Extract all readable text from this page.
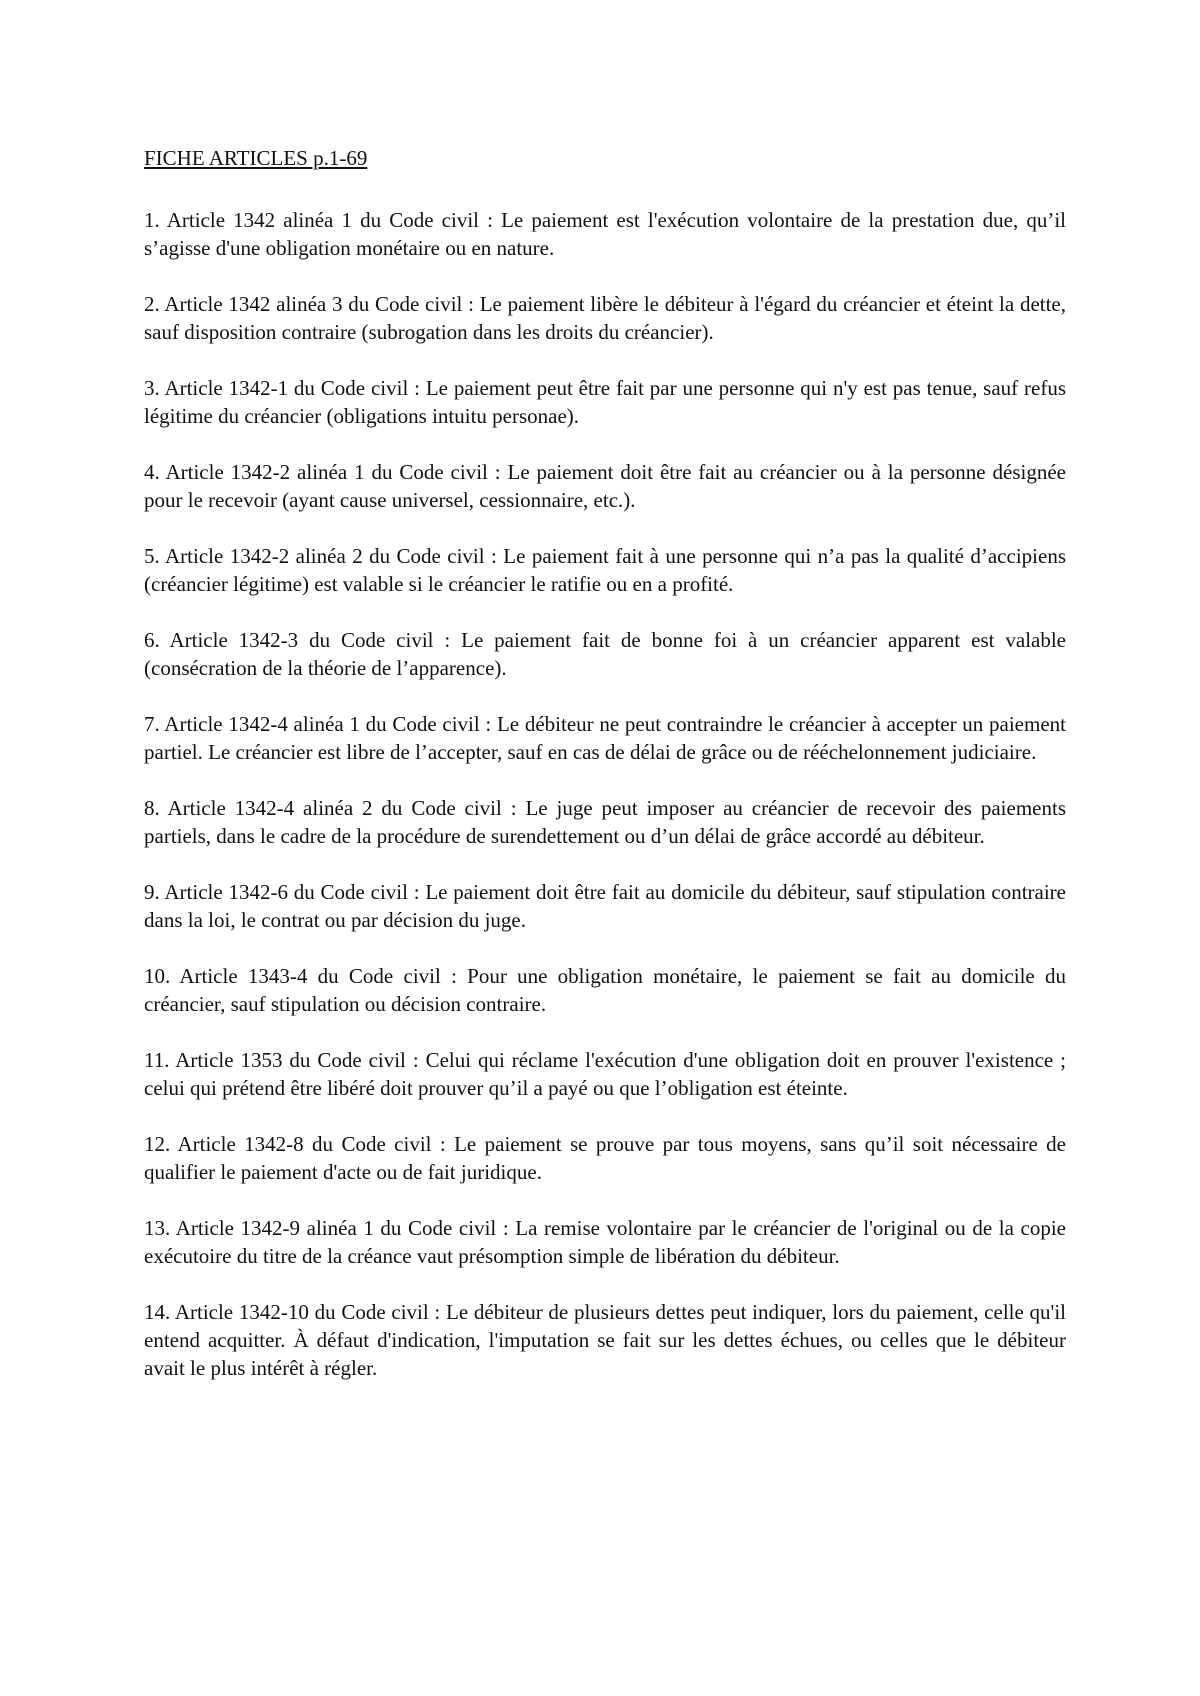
FICHE ARTICLES p.1-69
1. Article 1342 alinéa 1 du Code civil : Le paiement est l'exécution volontaire de la prestation due, qu’il s’agisse d'une obligation monétaire ou en nature.
2. Article 1342 alinéa 3 du Code civil : Le paiement libère le débiteur à l'égard du créancier et éteint la dette, sauf disposition contraire (subrogation dans les droits du créancier).
3. Article 1342-1 du Code civil : Le paiement peut être fait par une personne qui n'y est pas tenue, sauf refus légitime du créancier (obligations intuitu personae).
4. Article 1342-2 alinéa 1 du Code civil : Le paiement doit être fait au créancier ou à la personne désignée pour le recevoir (ayant cause universel, cessionnaire, etc.).
5. Article 1342-2 alinéa 2 du Code civil : Le paiement fait à une personne qui n’a pas la qualité d’accipiens (créancier légitime) est valable si le créancier le ratifie ou en a profité.
6. Article 1342-3 du Code civil : Le paiement fait de bonne foi à un créancier apparent est valable (consécration de la théorie de l’apparence).
7. Article 1342-4 alinéa 1 du Code civil : Le débiteur ne peut contraindre le créancier à accepter un paiement partiel. Le créancier est libre de l’accepter, sauf en cas de délai de grâce ou de rééchelonnement judiciaire.
8. Article 1342-4 alinéa 2 du Code civil : Le juge peut imposer au créancier de recevoir des paiements partiels, dans le cadre de la procédure de surendettement ou d’un délai de grâce accordé au débiteur.
9. Article 1342-6 du Code civil : Le paiement doit être fait au domicile du débiteur, sauf stipulation contraire dans la loi, le contrat ou par décision du juge.
10. Article 1343-4 du Code civil : Pour une obligation monétaire, le paiement se fait au domicile du créancier, sauf stipulation ou décision contraire.
11. Article 1353 du Code civil : Celui qui réclame l'exécution d'une obligation doit en prouver l'existence ; celui qui prétend être libéré doit prouver qu’il a payé ou que l’obligation est éteinte.
12. Article 1342-8 du Code civil : Le paiement se prouve par tous moyens, sans qu’il soit nécessaire de qualifier le paiement d'acte ou de fait juridique.
13. Article 1342-9 alinéa 1 du Code civil : La remise volontaire par le créancier de l'original ou de la copie exécutoire du titre de la créance vaut présomption simple de libération du débiteur.
14. Article 1342-10 du Code civil : Le débiteur de plusieurs dettes peut indiquer, lors du paiement, celle qu'il entend acquitter. À défaut d'indication, l'imputation se fait sur les dettes échues, ou celles que le débiteur avait le plus intérêt à régler.
